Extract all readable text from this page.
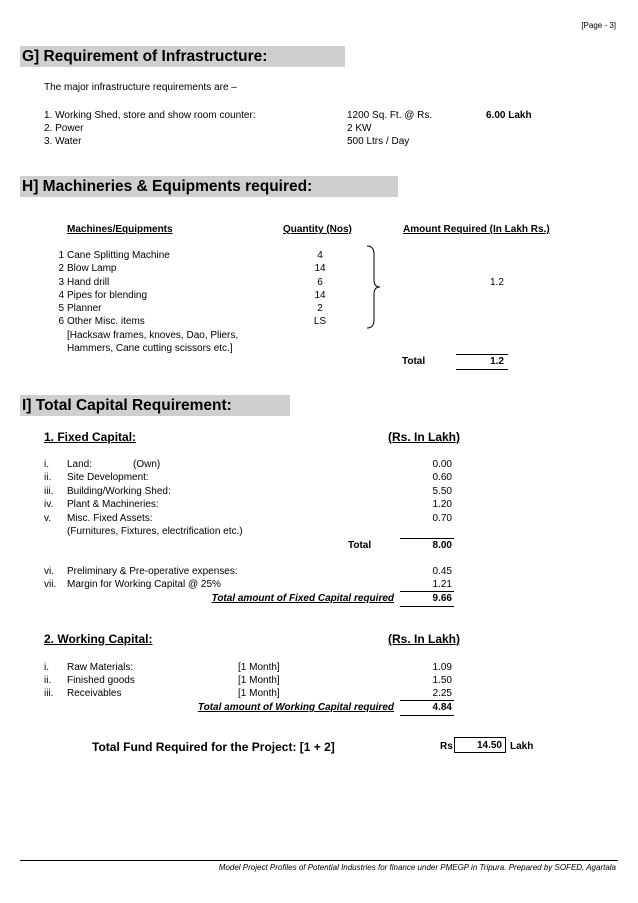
[Page - 3]
G] Requirement of Infrastructure:
The major infrastructure requirements are –
1. Working Shed, store and show room counter:	1200 Sq. Ft. @ Rs.	6.00 Lakh
2. Power	2 KW
3. Water	500 Ltrs / Day
H] Machineries & Equipments required:
Machines/Equipments	Quantity (Nos)	Amount Required (In Lakh Rs.)
1 Cane Splitting Machine	4
2 Blow Lamp	14
3 Hand drill	6
4 Pipes for blending	14
5 Planner	2
6 Other Misc. items	LS
[Hacksaw frames, knoves, Dao, Pliers,
Hammers, Cane cutting scissors etc.]
1.2
Total	1.2
I] Total Capital Requirement:
1. Fixed Capital:	(Rs. In Lakh)
i. Land:	(Own)	0.00
ii. Site Development:	0.60
iii. Building/Working Shed:	5.50
iv. Plant & Machineries:	1.20
v. Misc. Fixed Assets:	0.70
(Furnitures, Fixtures, electrification etc.)
Total	8.00
vi. Preliminary & Pre-operative expenses:	0.45
vii. Margin for Working Capital @ 25%	1.21
Total amount of Fixed Capital required	9.66
2. Working Capital:	(Rs. In Lakh)
i. Raw Materials:	[1 Month]	1.09
ii. Finished goods	[1 Month]	1.50
iii. Receivables	[1 Month]	2.25
Total amount of Working Capital required	4.84
Total Fund Required for the Project: [1 + 2]	Rs	14.50 Lakh
Model Project Profiles of Potential Industries for finance under PMEGP in Tripura. Prepared by SOFED, Agartala
